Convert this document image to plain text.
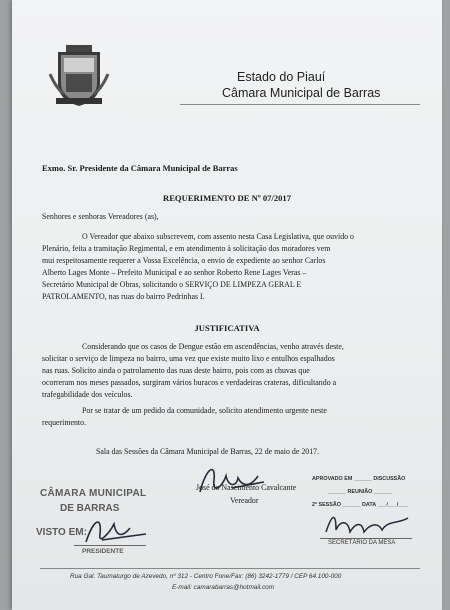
Estado do Piauí
Câmara Municipal de Barras
Exmo. Sr. Presidente da Câmara Municipal de Barras
REQUERIMENTO DE Nº 07/2017
Senhores e senhoras Vereadores (as),
O Vereador que abaixo subscrevem, com assento nesta Casa Legislativa, que ouvido o
Plenário, feita a tramitação Regimental, e em atendimento à solicitação dos moradores vem
mui respeitosamente requerer a Vossa Excelência, o envio de expediente ao senhor Carlos
Alberto Lages Monte – Prefeito Municipal e ao senhor Roberto Rene Lages Veras –
Secretário Municipal de Obras, solicitando o SERVIÇO DE LIMPEZA GERAL E
PATROLAMENTO, nas ruas do bairro Pedrinhas I.
JUSTIFICATIVA
Considerando que os casos de Dengue estão em ascendências, venho através deste,
solicitar o serviço de limpeza no bairro, uma vez que existe muito lixo e entulhos espalhados
nas ruas. Solicito ainda o patrolamento das ruas deste bairro, pois com as chuvas que
ocorreram nos meses passados, surgiram vários buracos e verdadeiras crateras, dificultando a
trafegabilidade dos veículos.
Por se tratar de um pedido da comunidade, solicito atendimento urgente neste
requerimento.
Sala das Sessões da Câmara Municipal de Barras, 22 de maio de 2017.
José do Nascimento Cavalcante
Vereador
CÂMARA MUNICIPAL
DE BARRAS
VISTO EM:
PRESIDENTE
APROVADO EM ______ DISCUSSÃO
______ REUNIÃO ______
2ª SESSÃO ______ DATA ___/___/___
SECRETÁRIO DA MESA
Rua Gal. Taumaturgo de Azevedo, nº 312 - Centro Fone/Fax: (86) 3242-1779 / CEP 64.100-000
E-mail: camarabarras@hotmail.com
